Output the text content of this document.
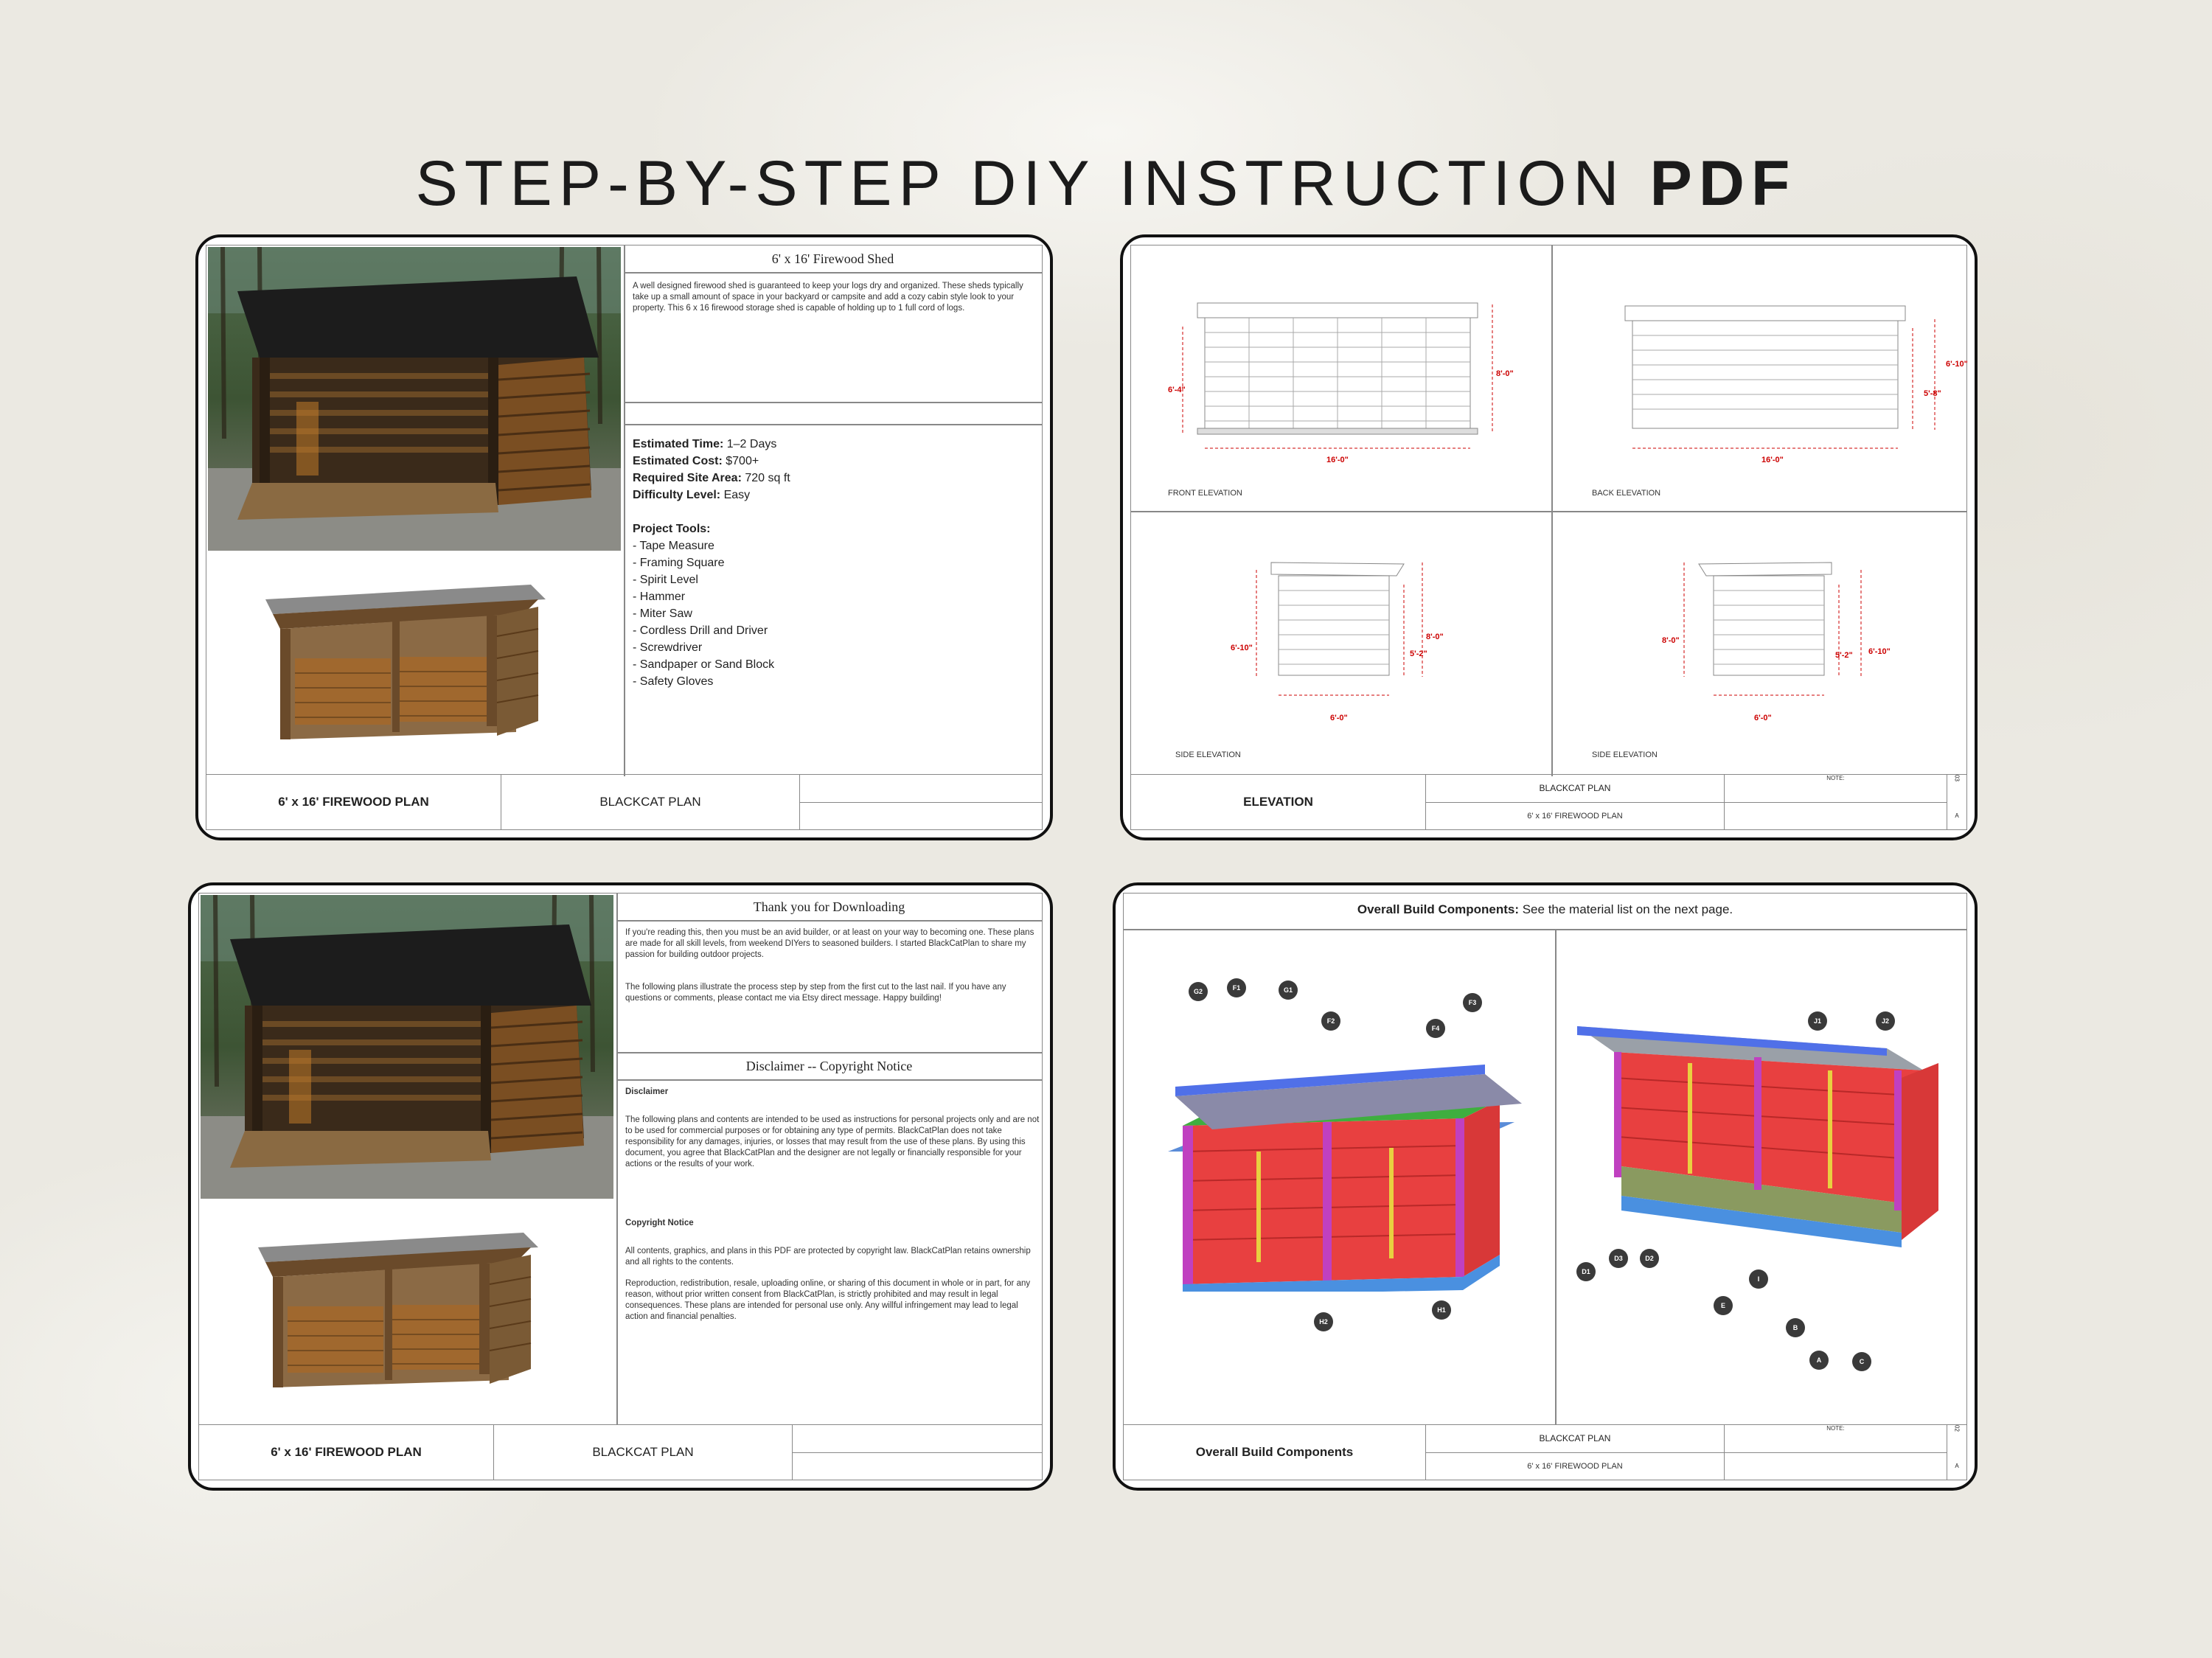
STEP-BY-STEP DIY INSTRUCTION PDF
6' x 16' Firewood Shed
A well designed firewood shed is guaranteed to keep your logs dry and organized. These sheds typically take up a small amount of space in your backyard or campsite and add a cozy cabin style look to your property. This 6 x 16 firewood storage shed is capable of holding up to 1 full cord of logs.
Estimated Time: 1–2 Days
Estimated Cost: $700+
Required Site Area: 720 sq ft
Difficulty Level: Easy
Project Tools:
- Tape Measure
- Framing Square
- Spirit Level
- Hammer
- Miter Saw
- Cordless Drill and Driver
- Screwdriver
- Sandpaper or Sand Block
- Safety Gloves
6' x 16' FIREWOOD PLAN	BLACKCAT PLAN
6'-4"
8'-0"
16'-0"
FRONT ELEVATION
6'-10"
5'-8"
16'-0"
BACK ELEVATION
6'-10"
8'-0"
5'-2"
6'-0"
SIDE ELEVATION
8'-0"
6'-10"
5'-2"
6'-0"
SIDE ELEVATION
ELEVATION
BLACKCAT PLAN
6' x 16' FIREWOOD PLAN
NOTE:	03
A
Thank you for Downloading
If you're reading this, then you must be an avid builder, or at least on your way to becoming one. These plans are made for all skill levels, from weekend DIYers to seasoned builders. I started BlackCatPlan to share my passion for building outdoor projects.
The following plans illustrate the process step by step from the first cut to the last nail. If you have any questions or comments, please contact me via Etsy direct message. Happy building!
Disclaimer -- Copyright Notice
Disclaimer
The following plans and contents are intended to be used as instructions for personal projects only and are not to be used for commercial purposes or for obtaining any type of permits. BlackCatPlan does not take responsibility for any damages, injuries, or losses that may result from the use of these plans. By using this document, you agree that BlackCatPlan and the designer are not legally or financially responsible for your actions or the results of your work.
Copyright Notice
All contents, graphics, and plans in this PDF are protected by copyright law. BlackCatPlan retains ownership and all rights to the contents.
Reproduction, redistribution, resale, uploading online, or sharing of this document in whole or in part, for any reason, without prior written consent from BlackCatPlan, is strictly prohibited and may result in legal consequences. These plans are intended for personal use only. Any willful infringement may lead to legal action and financial penalties.
6' x 16' FIREWOOD PLAN	BLACKCAT PLAN
Overall Build Components: See the material list on the next page.
G2	F1	G1
F2
F4
F3
H2
H1
J1	J2
D1
D3	D2
E
I
B
A	C
Overall Build Components
BLACKCAT PLAN
6' x 16' FIREWOOD PLAN
NOTE:	02
A
